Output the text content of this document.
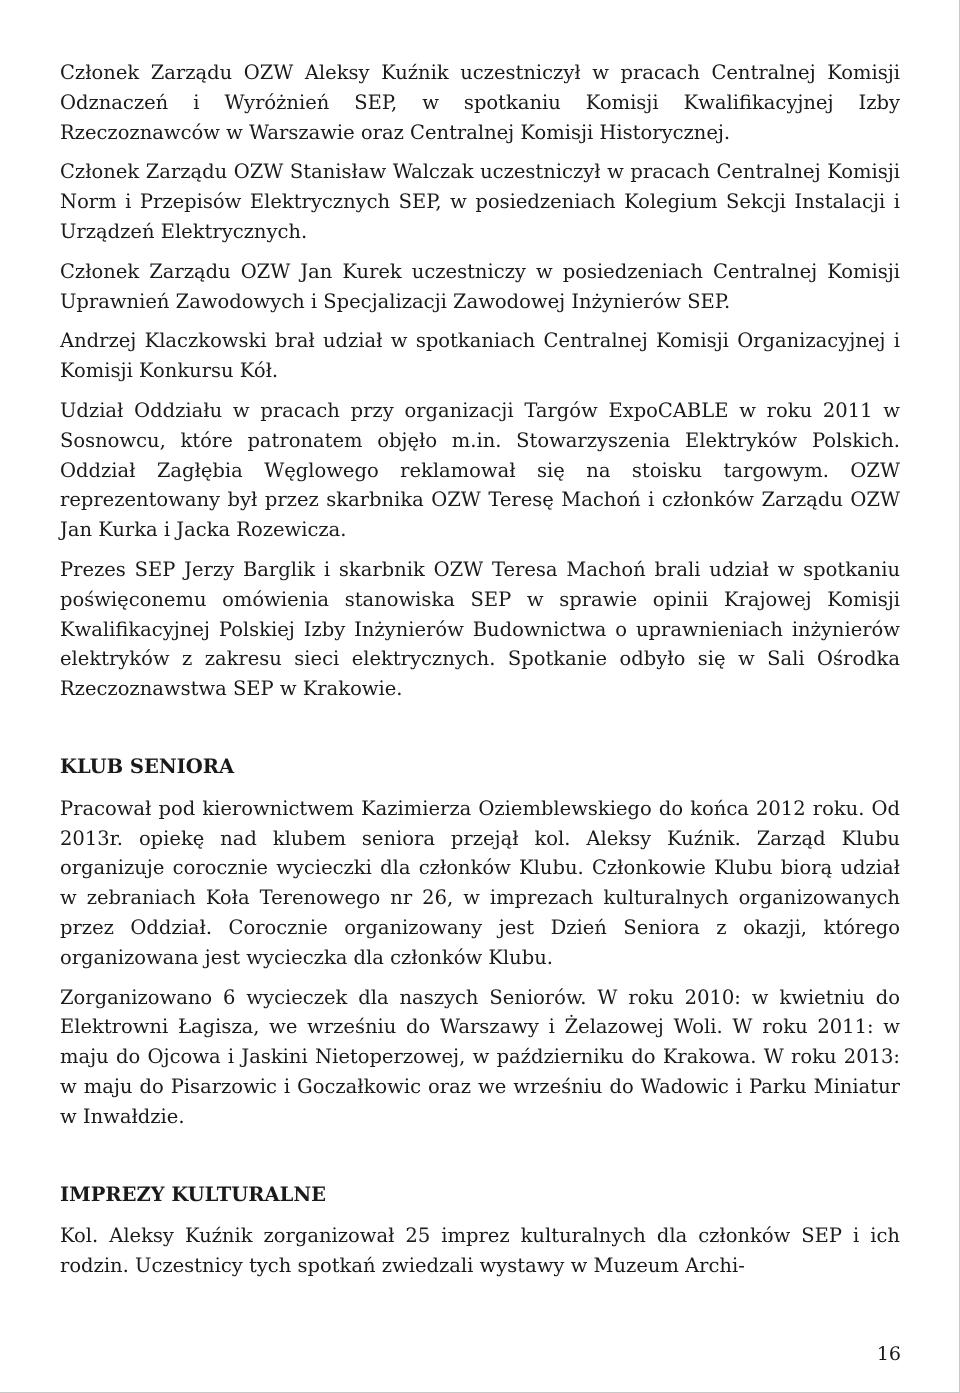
Członek Zarządu OZW Aleksy Kuźnik uczestniczył w pracach Centralnej Komisji Odznaczeń i Wyróżnień SEP, w spotkaniu Komisji Kwalifikacyjnej Izby Rzeczoznawców w Warszawie oraz Centralnej Komisji Historycznej.

Członek Zarządu OZW Stanisław Walczak uczestniczył w pracach Centralnej Komisji Norm i Przepisów Elektrycznych SEP, w posiedzeniach Kolegium Sekcji Instalacji i Urządzeń Elektrycznych.

Członek Zarządu OZW Jan Kurek uczestniczy w posiedzeniach Centralnej Komisji Uprawnień Zawodowych i Specjalizacji Zawodowej Inżynierów SEP.

Andrzej Klaczkowski brał udział w spotkaniach Centralnej Komisji Organizacyjnej i Komisji Konkursu Kół.

Udział Oddziału w pracach przy organizacji Targów ExpoCABLE w roku 2011 w Sosnowcu, które patronatem objęło m.in. Stowarzyszenia Elektryków Polskich. Oddział Zagłębia Węglowego reklamował się na stoisku targowym. OZW reprezentowany był przez skarbnika OZW Teresę Machoń i członków Zarządu OZW Jan Kurka i Jacka Rozewicza.

Prezes SEP Jerzy Barglik i skarbnik OZW Teresa Machoń brali udział w spotkaniu poświęconemu omówienia stanowiska SEP w sprawie opinii Krajowej Komisji Kwalifikacyjnej Polskiej Izby Inżynierów Budownictwa o uprawnieniach inżynierów elektryków z zakresu sieci elektrycznych. Spotkanie odbyło się w Sali Ośrodka Rzeczoznawstwa SEP w Krakowie.

KLUB SENIORA

Pracował pod kierownictwem Kazimierza Oziemblewskiego do końca 2012 roku. Od 2013r. opiekę nad klubem seniora przejął kol. Aleksy Kuźnik. Zarząd Klubu organizuje corocznie wycieczki dla członków Klubu. Członkowie Klubu biorą udział w zebraniach Koła Terenowego nr 26, w imprezach kulturalnych organizowanych przez Oddział. Corocznie organizowany jest Dzień Seniora z okazji, którego organizowana jest wycieczka dla członków Klubu.

Zorganizowano 6 wycieczek dla naszych Seniorów. W roku 2010: w kwietniu do Elektrowni Łagisza, we wrześniu do Warszawy i Żelazowej Woli. W roku 2011: w maju do Ojcowa i Jaskini Nietoperzowej, w październiku do Krakowa. W roku 2013: w maju do Pisarzowic i Goczałkowic oraz we wrześniu do Wadowic i Parku Miniatur w Inwałdzie.

IMPREZY KULTURALNE

Kol. Aleksy Kuźnik zorganizował 25 imprez kulturalnych dla członków SEP i ich rodzin. Uczestnicy tych spotkań zwiedzali wystawy w Muzeum Archi-

16
